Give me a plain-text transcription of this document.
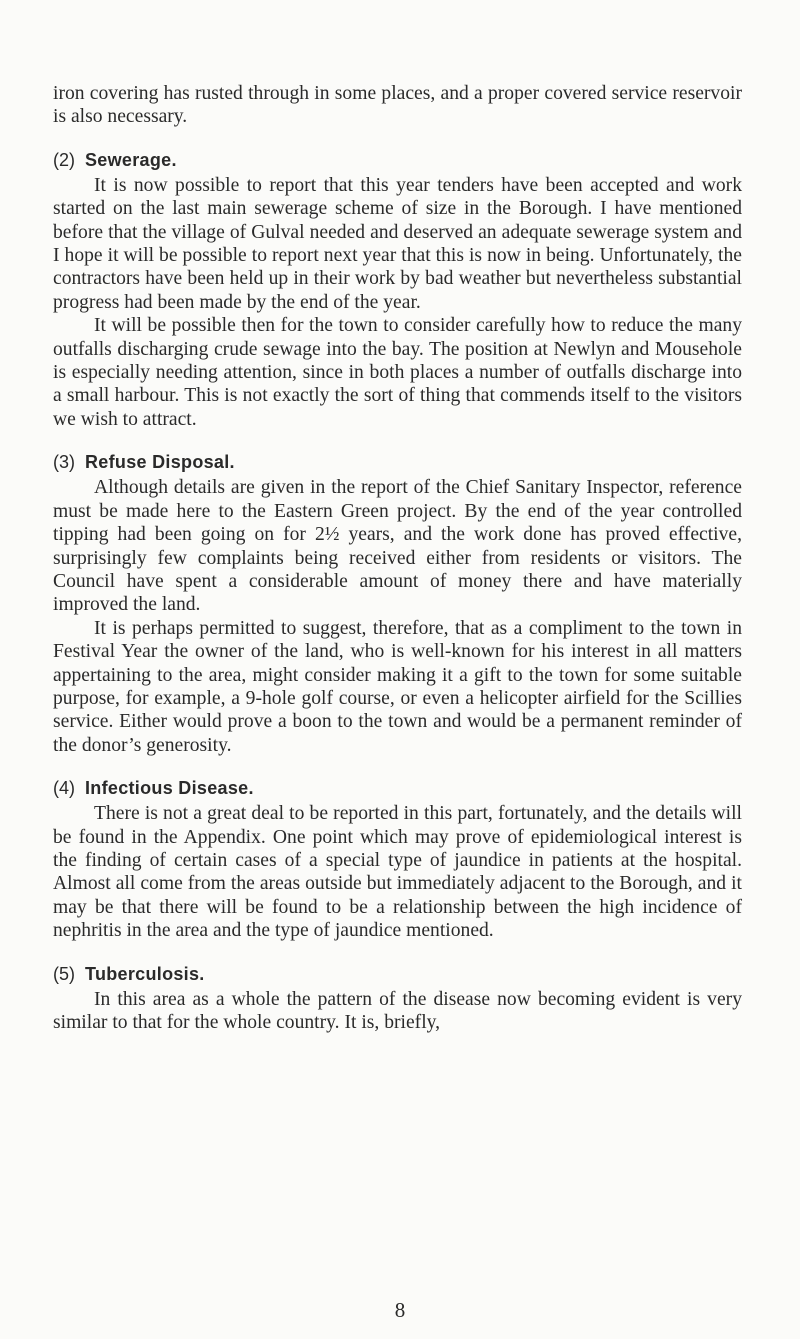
iron covering has rusted through in some places, and a proper covered service reservoir is also necessary.

(2) Sewerage.

It is now possible to report that this year tenders have been accepted and work started on the last main sewerage scheme of size in the Borough. I have mentioned before that the village of Gulval needed and deserved an adequate sewerage system and I hope it will be possible to report next year that this is now in being. Unfortunately, the contractors have been held up in their work by bad weather but nevertheless substantial progress had been made by the end of the year.

It will be possible then for the town to consider carefully how to reduce the many outfalls discharging crude sewage into the bay. The position at Newlyn and Mousehole is especially needing attention, since in both places a number of outfalls discharge into a small harbour. This is not exactly the sort of thing that commends itself to the visitors we wish to attract.

(3) Refuse Disposal.

Although details are given in the report of the Chief Sanitary Inspector, reference must be made here to the Eastern Green project. By the end of the year controlled tipping had been going on for 2½ years, and the work done has proved effective, surprisingly few complaints being received either from residents or visitors. The Council have spent a considerable amount of money there and have materially improved the land.

It is perhaps permitted to suggest, therefore, that as a compliment to the town in Festival Year the owner of the land, who is well-known for his interest in all matters appertaining to the area, might consider making it a gift to the town for some suitable purpose, for example, a 9-hole golf course, or even a helicopter airfield for the Scillies service. Either would prove a boon to the town and would be a permanent reminder of the donor’s generosity.

(4) Infectious Disease.

There is not a great deal to be reported in this part, fortunately, and the details will be found in the Appendix. One point which may prove of epidemiological interest is the finding of certain cases of a special type of jaundice in patients at the hospital. Almost all come from the areas outside but immediately adjacent to the Borough, and it may be that there will be found to be a relationship between the high incidence of nephritis in the area and the type of jaundice mentioned.

(5) Tuberculosis.

In this area as a whole the pattern of the disease now becoming evident is very similar to that for the whole country. It is, briefly,

8
